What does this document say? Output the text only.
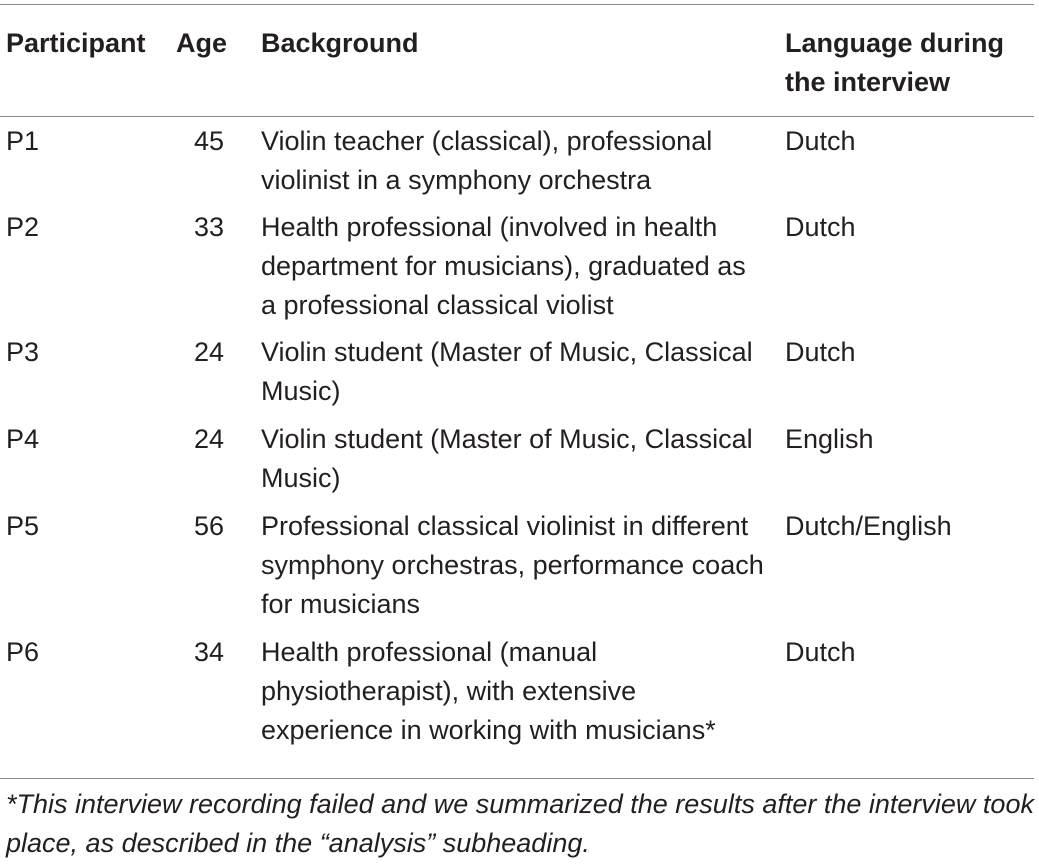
Participant	Age	Background	Language during the interview

P1	45	Violin teacher (classical), professional violinist in a symphony orchestra	Dutch
P2	33	Health professional (involved in health department for musicians), graduated as a professional classical violist	Dutch
P3	24	Violin student (Master of Music, Classical Music)	Dutch
P4	24	Violin student (Master of Music, Classical Music)	English
P5	56	Professional classical violinist in different symphony orchestras, performance coach for musicians	Dutch/English
P6	34	Health professional (manual physiotherapist), with extensive experience in working with musicians*	Dutch
*This interview recording failed and we summarized the results after the interview took place, as described in the “analysis” subheading.
